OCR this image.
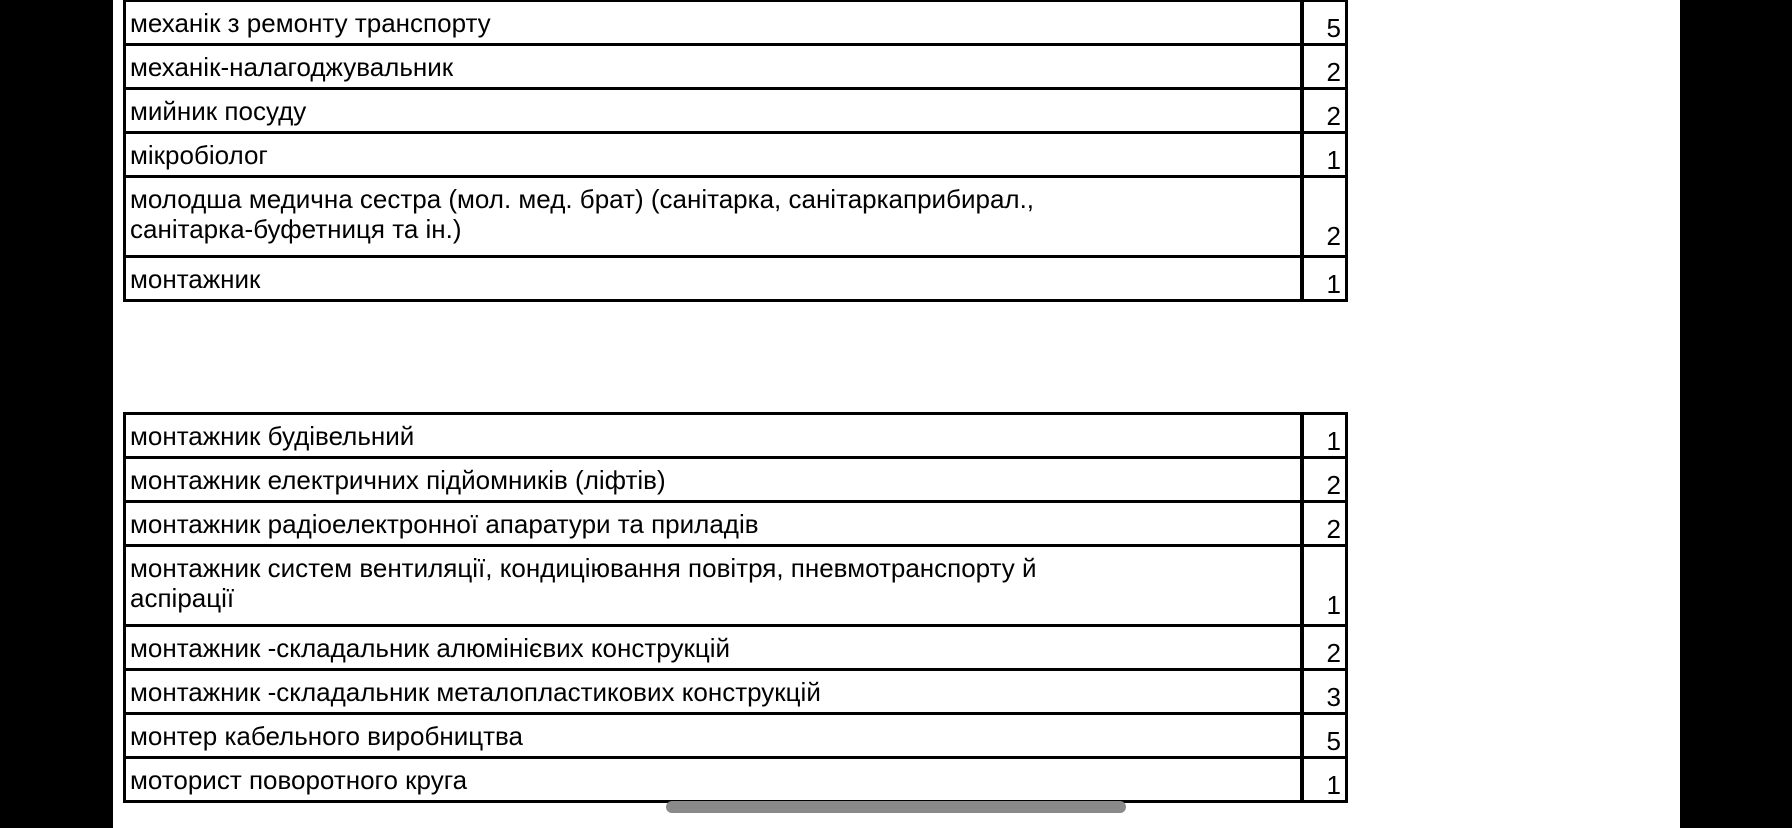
механік з ремонту транспорту	5
механік-налагоджувальник	2
мийник посуду	2
мікробіолог	1
молодша медична сестра (мол. мед. брат) (санітарка, санітаркаприбирал.,
санітарка-буфетниця та ін.)	2
монтажник	1
монтажник будівельний	1
монтажник електричних підйомників (ліфтів)	2
монтажник радіоелектронної апаратури та приладів	2
монтажник систем вентиляції, кондиціювання повітря, пневмотранспорту й
аспірації	1
монтажник -складальник алюмінієвих конструкцій	2
монтажник -складальник металопластикових конструкцій	3
монтер кабельного виробництва	5
моторист поворотного круга	1
